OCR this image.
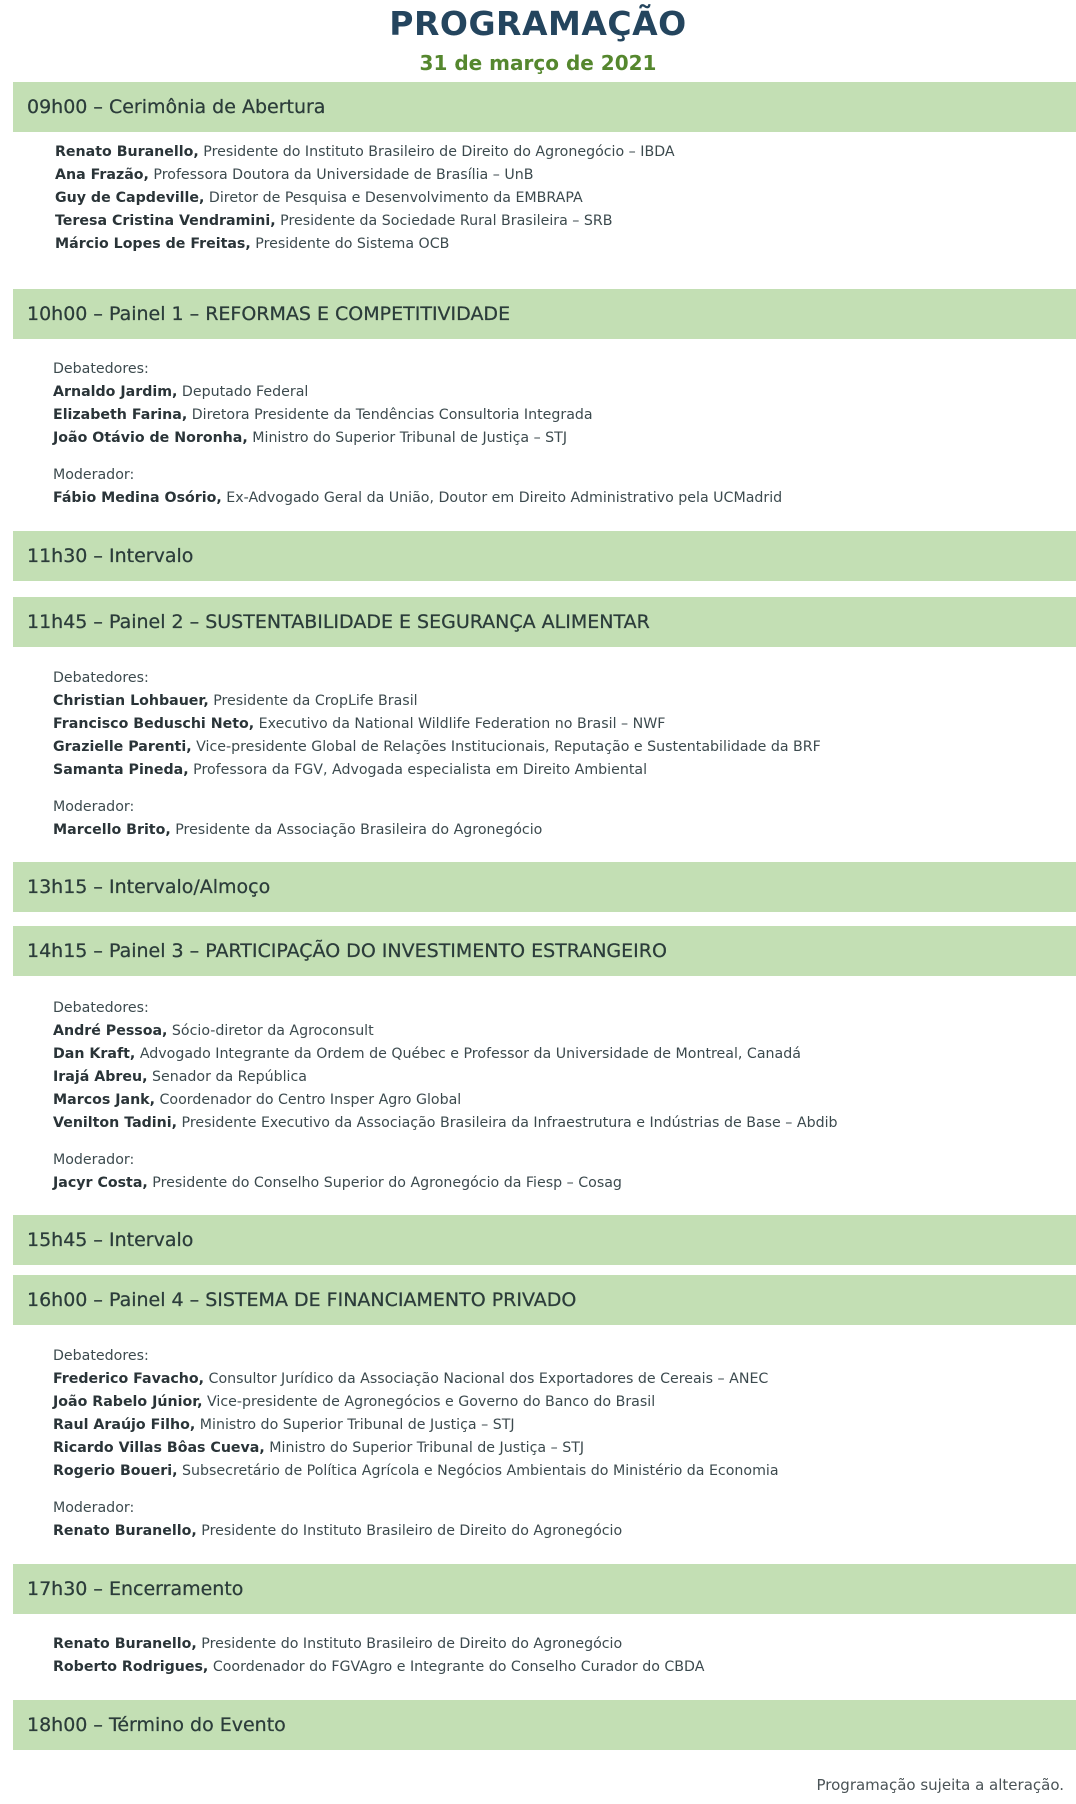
PROGRAMAÇÃO
31 de março de 2021
09h00 – Cerimônia de Abertura
Renato Buranello, Presidente do Instituto Brasileiro de Direito do Agronegócio – IBDA
Ana Frazão, Professora Doutora da Universidade de Brasília – UnB
Guy de Capdeville, Diretor de Pesquisa e Desenvolvimento da EMBRAPA
Teresa Cristina Vendramini, Presidente da Sociedade Rural Brasileira – SRB
Márcio Lopes de Freitas, Presidente do Sistema OCB
10h00 – Painel 1 – REFORMAS E COMPETITIVIDADE
Debatedores:
Arnaldo Jardim, Deputado Federal
Elizabeth Farina, Diretora Presidente da Tendências Consultoria Integrada
João Otávio de Noronha, Ministro do Superior Tribunal de Justiça – STJ
Moderador:
Fábio Medina Osório, Ex-Advogado Geral da União, Doutor em Direito Administrativo pela UCMadrid
11h30 – Intervalo
11h45 – Painel 2 – SUSTENTABILIDADE E SEGURANÇA ALIMENTAR
Debatedores:
Christian Lohbauer, Presidente da CropLife Brasil
Francisco Beduschi Neto, Executivo da National Wildlife Federation no Brasil – NWF
Grazielle Parenti, Vice-presidente Global de Relações Institucionais, Reputação e Sustentabilidade da BRF
Samanta Pineda, Professora da FGV, Advogada especialista em Direito Ambiental
Moderador:
Marcello Brito, Presidente da Associação Brasileira do Agronegócio
13h15 – Intervalo/Almoço
14h15 – Painel 3 – PARTICIPAÇÃO DO INVESTIMENTO ESTRANGEIRO
Debatedores:
André Pessoa, Sócio-diretor da Agroconsult
Dan Kraft, Advogado Integrante da Ordem de Québec e Professor da Universidade de Montreal, Canadá
Irajá Abreu, Senador da República
Marcos Jank, Coordenador do Centro Insper Agro Global
Venilton Tadini, Presidente Executivo da Associação Brasileira da Infraestrutura e Indústrias de Base – Abdib
Moderador:
Jacyr Costa, Presidente do Conselho Superior do Agronegócio da Fiesp – Cosag
15h45 – Intervalo
16h00 – Painel 4 – SISTEMA DE FINANCIAMENTO PRIVADO
Debatedores:
Frederico Favacho, Consultor Jurídico da Associação Nacional dos Exportadores de Cereais – ANEC
João Rabelo Júnior, Vice-presidente de Agronegócios e Governo do Banco do Brasil
Raul Araújo Filho, Ministro do Superior Tribunal de Justiça – STJ
Ricardo Villas Bôas Cueva, Ministro do Superior Tribunal de Justiça – STJ
Rogerio Boueri, Subsecretário de Política Agrícola e Negócios Ambientais do Ministério da Economia
Moderador:
Renato Buranello, Presidente do Instituto Brasileiro de Direito do Agronegócio
17h30 – Encerramento
Renato Buranello, Presidente do Instituto Brasileiro de Direito do Agronegócio
Roberto Rodrigues, Coordenador do FGVAgro e Integrante do Conselho Curador do CBDA
18h00 – Término do Evento
Programação sujeita a alteração.
